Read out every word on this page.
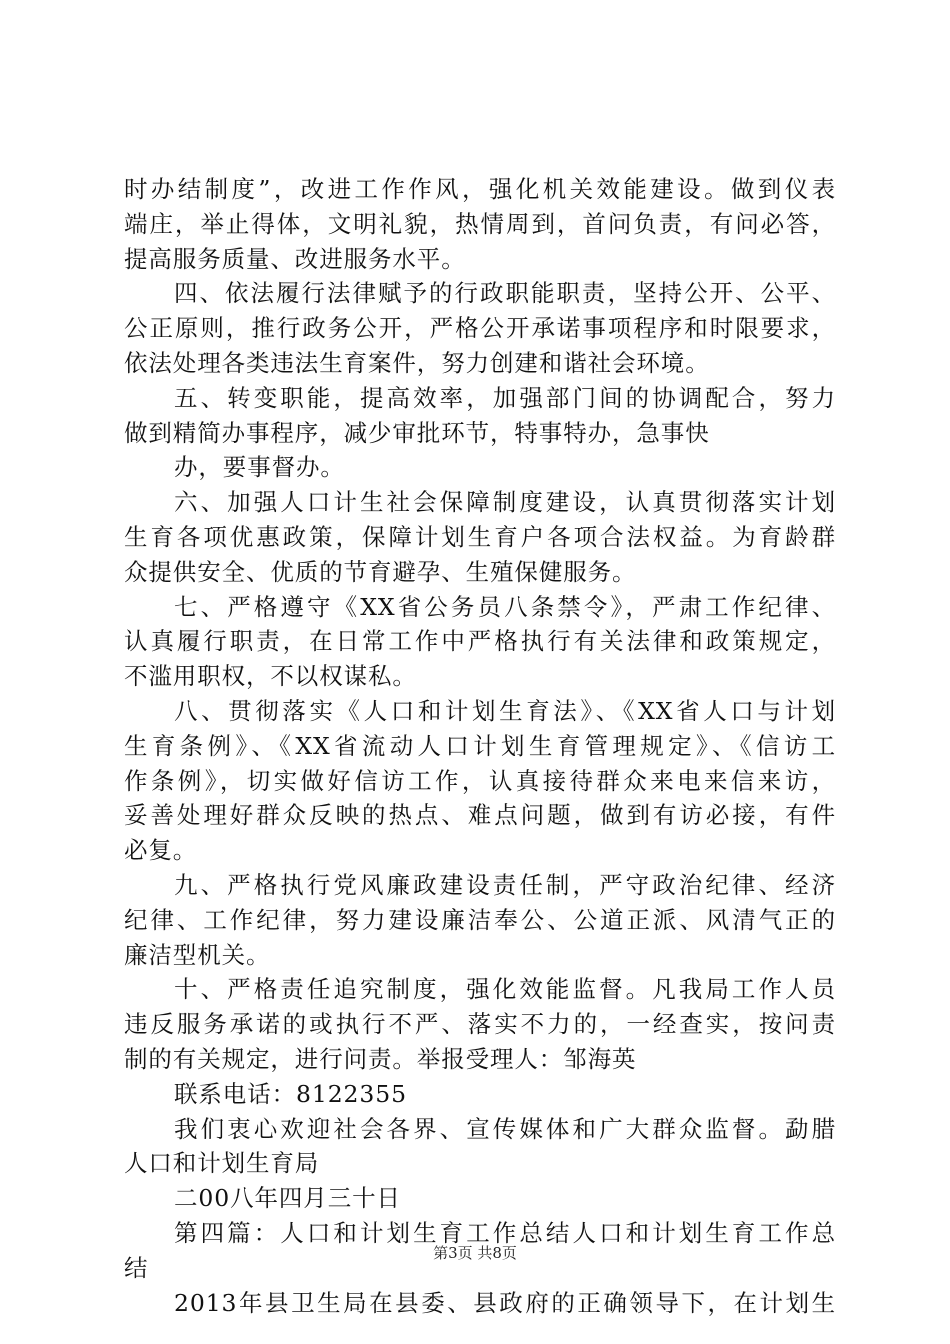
时办结制度”，改进工作作风，强化机关效能建设。做到仪表
端庄，举止得体，文明礼貌，热情周到，首问负责，有问必答，
提高服务质量、改进服务水平。
四、依法履行法律赋予的行政职能职责，坚持公开、公平、
公正原则，推行政务公开，严格公开承诺事项程序和时限要求，
依法处理各类违法生育案件，努力创建和谐社会环境。
五、转变职能，提高效率，加强部门间的协调配合，努力
做到精简办事程序，减少审批环节，特事特办，急事快
办，要事督办。
六、加强人口计生社会保障制度建设，认真贯彻落实计划
生育各项优惠政策，保障计划生育户各项合法权益。为育龄群
众提供安全、优质的节育避孕、生殖保健服务。
七、严格遵守《XX省公务员八条禁令》，严肃工作纪律、
认真履行职责，在日常工作中严格执行有关法律和政策规定，
不滥用职权，不以权谋私。
八、贯彻落实《人口和计划生育法》、《XX省人口与计划
生育条例》、《XX省流动人口计划生育管理规定》、《信访工
作条例》，切实做好信访工作，认真接待群众来电来信来访，
妥善处理好群众反映的热点、难点问题，做到有访必接，有件
必复。
九、严格执行党风廉政建设责任制，严守政治纪律、经济
纪律、工作纪律，努力建设廉洁奉公、公道正派、风清气正的
廉洁型机关。
十、严格责任追究制度，强化效能监督。凡我局工作人员
违反服务承诺的或执行不严、落实不力的，一经查实，按问责
制的有关规定，进行问责。举报受理人：邹海英
联系电话：8122355
我们衷心欢迎社会各界、宣传媒体和广大群众监督。勐腊
人口和计划生育局
二00八年四月三十日
第四篇：人口和计划生育工作总结人口和计划生育工作总
结
2013年县卫生局在县委、县政府的正确领导下，在计划生
第3页 共8页
